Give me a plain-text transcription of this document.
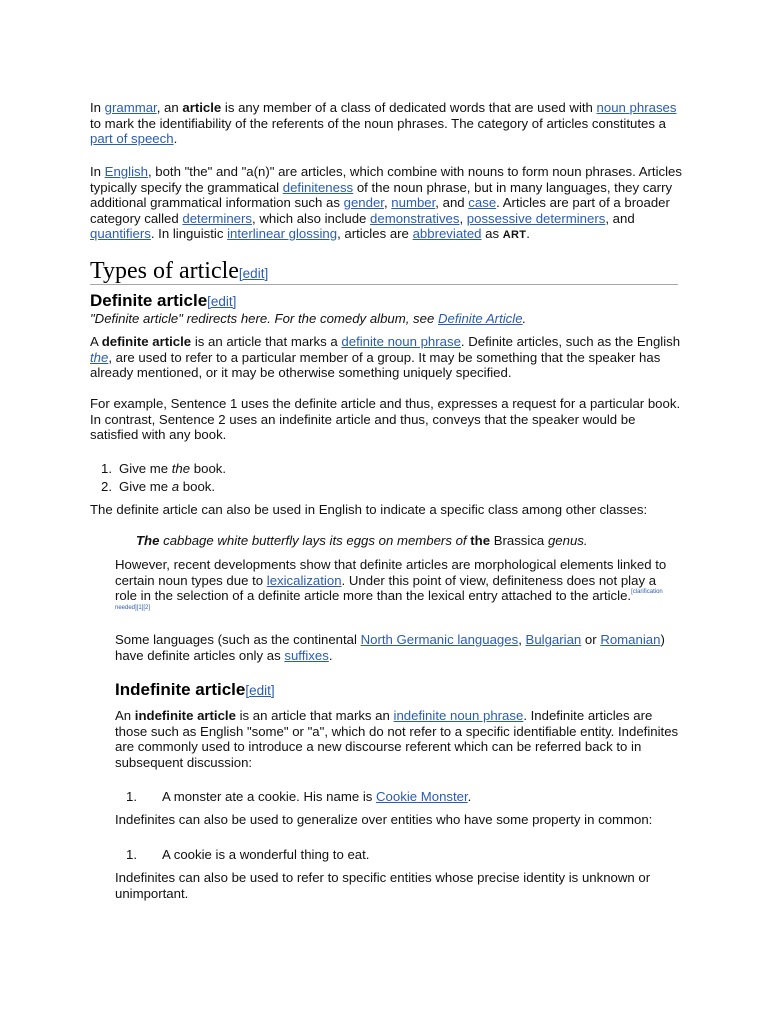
In grammar, an article is any member of a class of dedicated words that are used with noun phrases to mark the identifiability of the referents of the noun phrases. The category of articles constitutes a part of speech.

In English, both "the" and "a(n)" are articles, which combine with nouns to form noun phrases. Articles typically specify the grammatical definiteness of the noun phrase, but in many languages, they carry additional grammatical information such as gender, number, and case. Articles are part of a broader category called determiners, which also include demonstratives, possessive determiners, and quantifiers. In linguistic interlinear glossing, articles are abbreviated as ART.

Types of article[edit]
Definite article[edit]

"Definite article" redirects here. For the comedy album, see Definite Article.

A definite article is an article that marks a definite noun phrase. Definite articles, such as the English the, are used to refer to a particular member of a group. It may be something that the speaker has already mentioned, or it may be otherwise something uniquely specified.

For example, Sentence 1 uses the definite article and thus, expresses a request for a particular book. In contrast, Sentence 2 uses an indefinite article and thus, conveys that the speaker would be satisfied with any book.

1. Give me the book.
2. Give me a book.

The definite article can also be used in English to indicate a specific class among other classes:

The cabbage white butterfly lays its eggs on members of the Brassica genus.

However, recent developments show that definite articles are morphological elements linked to certain noun types due to lexicalization. Under this point of view, definiteness does not play a role in the selection of a definite article more than the lexical entry attached to the article.[clarification needed][1][2]

Some languages (such as the continental North Germanic languages, Bulgarian or Romanian) have definite articles only as suffixes.

Indefinite article[edit]

An indefinite article is an article that marks an indefinite noun phrase. Indefinite articles are those such as English "some" or "a", which do not refer to a specific identifiable entity. Indefinites are commonly used to introduce a new discourse referent which can be referred back to in subsequent discussion:

1. A monster ate a cookie. His name is Cookie Monster.

Indefinites can also be used to generalize over entities who have some property in common:

1. A cookie is a wonderful thing to eat.

Indefinites can also be used to refer to specific entities whose precise identity is unknown or unimportant.
